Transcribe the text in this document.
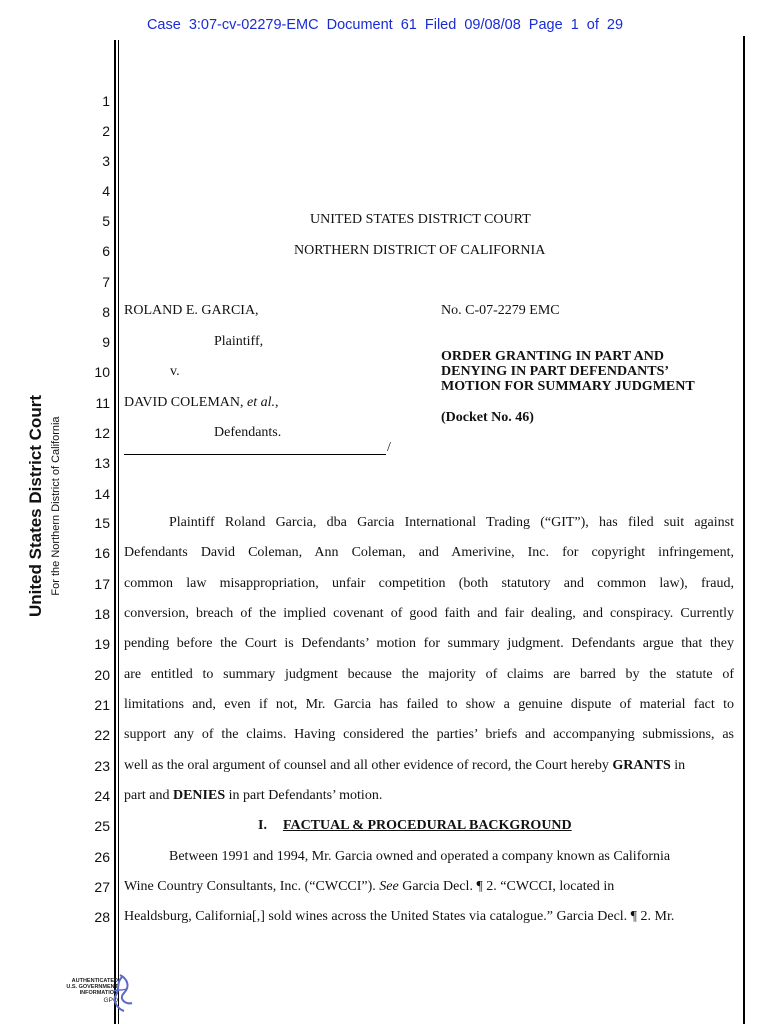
Case 3:07-cv-02279-EMC Document 61 Filed 09/08/08 Page 1 of 29
United States District Court For the Northern District of California
1
2
3
4
5
6
7
8
9
10
11
12
13
14
15
16
17
18
19
20
21
22
23
24
25
26
27
28
UNITED STATES DISTRICT COURT
NORTHERN DISTRICT OF CALIFORNIA
ROLAND E. GARCIA,
Plaintiff,
v.
DAVID COLEMAN, et al.,
Defendants.
/
No. C-07-2279 EMC
ORDER GRANTING IN PART AND DENYING IN PART DEFENDANTS’ MOTION FOR SUMMARY JUDGMENT
(Docket No. 46)
Plaintiff Roland Garcia, dba Garcia International Trading (“GIT”), has filed suit against
Defendants David Coleman, Ann Coleman, and Amerivine, Inc. for copyright infringement,
common law misappropriation, unfair competition (both statutory and common law), fraud,
conversion, breach of the implied covenant of good faith and fair dealing, and conspiracy. Currently
pending before the Court is Defendants’ motion for summary judgment. Defendants argue that they
are entitled to summary judgment because the majority of claims are barred by the statute of
limitations and, even if not, Mr. Garcia has failed to show a genuine dispute of material fact to
support any of the claims. Having considered the parties’ briefs and accompanying submissions, as
well as the oral argument of counsel and all other evidence of record, the Court hereby GRANTS in
part and DENIES in part Defendants’ motion.
I. FACTUAL & PROCEDURAL BACKGROUND
Between 1991 and 1994, Mr. Garcia owned and operated a company known as California
Wine Country Consultants, Inc. (“CWCCI”). See Garcia Decl. ¶ 2. “CWCCI, located in
Healdsburg, California[,] sold wines across the United States via catalogue.” Garcia Decl. ¶ 2. Mr.
AUTHENTICATED
U.S. GOVERNMENT
INFORMATION
GPO
